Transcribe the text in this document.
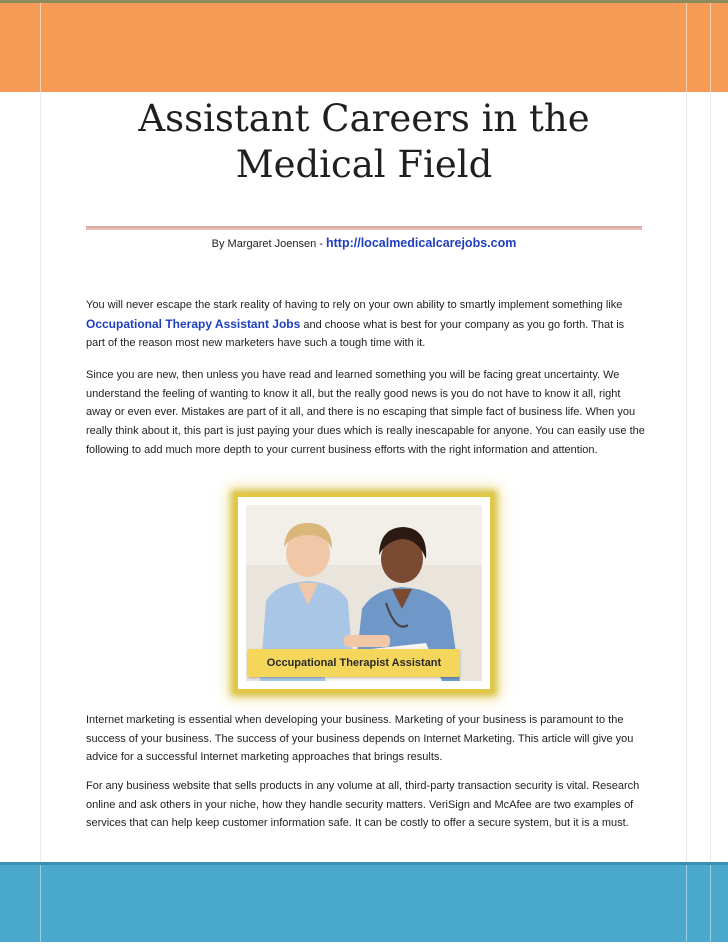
Assistant Careers in the Medical Field
By Margaret Joensen - http://localmedicalcarejobs.com

You will never escape the stark reality of having to rely on your own ability to smartly implement something like Occupational Therapy Assistant Jobs and choose what is best for your company as you go forth. That is part of the reason most new marketers have such a tough time with it.

Since you are new, then unless you have read and learned something you will be facing great uncertainty. We understand the feeling of wanting to know it all, but the really good news is you do not have to know it all, right away or even ever. Mistakes are part of it all, and there is no escaping that simple fact of business life. When you really think about it, this part is just paying your dues which is really inescapable for anyone. You can easily use the following to add much more depth to your current business efforts with the right information and attention.

Occupational Therapist Assistant

Internet marketing is essential when developing your business. Marketing of your business is paramount to the success of your business. The success of your business depends on Internet Marketing. This article will give you advice for a successful Internet marketing approaches that brings results.

For any business website that sells products in any volume at all, third-party transaction security is vital. Research online and ask others in your niche, how they handle security matters. VeriSign and McAfee are two examples of services that can help keep customer information safe. It can be costly to offer a secure system, but it is a must.
